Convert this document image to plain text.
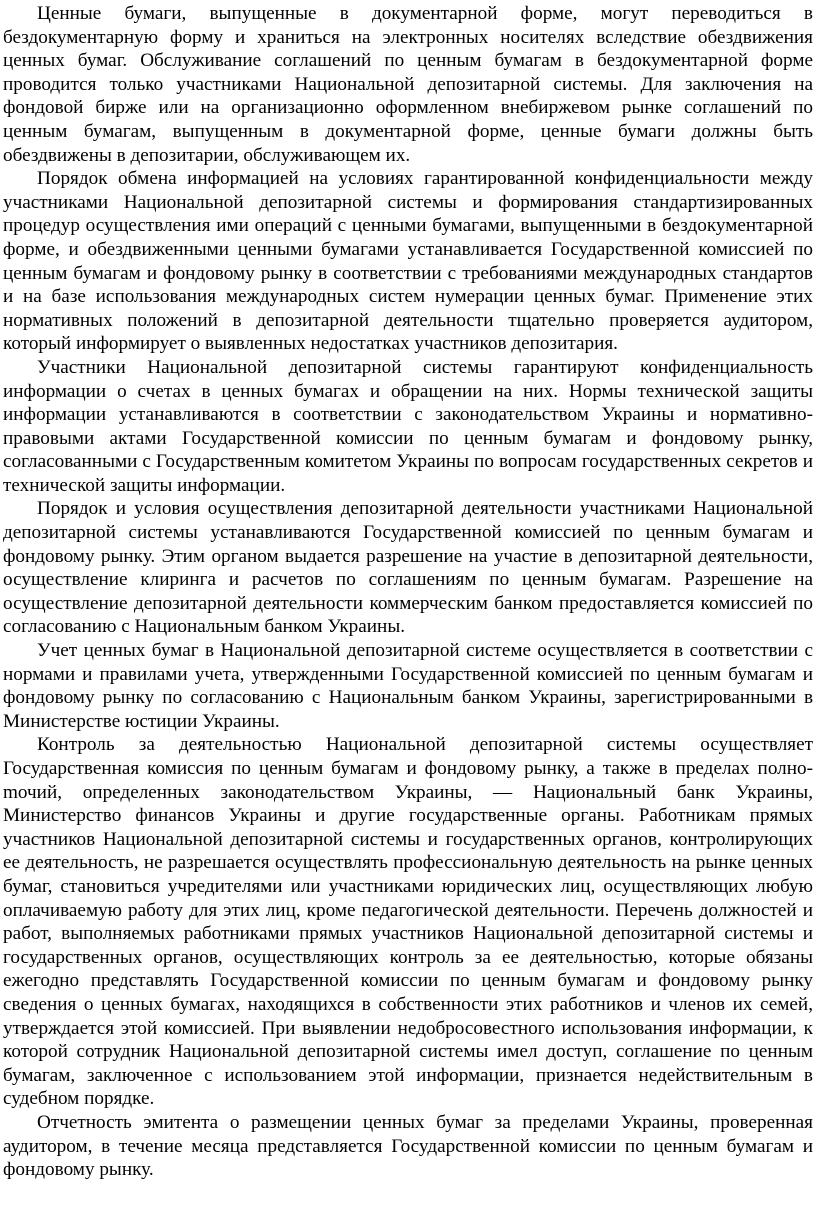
Ценные бумаги, выпущенные в документарной форме, могут переводиться в бездокументарную форму и храниться на электронных носителях вследствие обездвижения ценных бумаг. Обслуживание соглашений по ценным бумагам в бездокументарной форме проводится только участниками Национальной депозитарной системы. Для заключения на фондовой бирже или на организационно оформленном внебиржевом рынке соглашений по ценным бумагам, выпущенным в документарной форме, ценные бумаги должны быть обездвижены в депозитарии, обслуживающем их.

Порядок обмена информацией на условиях гарантированной конфиденциальности между участниками Национальной депозитарной системы и формирования стандартизированных процедур осуществления ими операций с ценными бумагами, выпущенными в бездокументарной форме, и обездвиженными ценными бумагами устанавливается Государственной комиссией по ценным бумагам и фондовому рынку в соответствии с требованиями международных стандартов и на базе использования международных систем нумерации ценных бумаг. Применение этих нормативных положений в депозитарной деятельности тщательно проверяется аудитором, который информирует о выявленных недостатках участников депозитария.

Участники Национальной депозитарной системы гарантируют конфиденциальность информации о счетах в ценных бумагах и обращении на них. Нормы технической защиты информации устанавливаются в соответствии с законодательством Украины и нормативно-правовыми актами Государственной комиссии по ценным бумагам и фондовому рынку, согласованными с Государственным комитетом Украины по вопросам государственных секретов и технической защиты информации.

Порядок и условия осуществления депозитарной деятельности участниками Национальной депозитарной системы устанавливаются Государственной комиссией по ценным бумагам и фондовому рынку. Этим органом выдается разрешение на участие в депозитарной деятельности, осуществление клиринга и расчетов по соглашениям по ценным бумагам. Разрешение на осуществление депозитарной деятельности коммерческим банком предоставляется комиссией по согласованию с Национальным банком Украины.

Учет ценных бумаг в Национальной депозитарной системе осуществляется в соответствии с нормами и правилами учета, утвержденными Государственной комиссией по ценным бумагам и фондовому рынку по согласованию с Национальным банком Украины, зарегистрированными в Министерстве юстиции Украины.

Контроль за деятельностью Национальной депозитарной системы осуществляет Государственная комиссия по ценным бумагам и фондовому рынку, а также в пределах полноmочий, определенных законодательством Украины, — Национальный банк Украины, Министерство финансов Украины и другие государственные органы. Работникам прямых участников Национальной депозитарной системы и государственных органов, контролирующих ее деятельность, не разрешается осуществлять профессиональную деятельность на рынке ценных бумаг, становиться учредителями или участниками юридических лиц, осуществляющих любую оплачиваемую работу для этих лиц, кроме педагогической деятельности. Перечень должностей и работ, выполняемых работниками прямых участников Национальной депозитарной системы и государственных органов, осуществляющих контроль за ее деятельностью, которые обязаны ежегодно представлять Государственной комиссии по ценным бумагам и фондовому рынку сведения о ценных бумагах, находящихся в собственности этих работников и членов их семей, утверждается этой комиссией. При выявлении недобросовестного использования информации, к которой сотрудник Национальной депозитарной системы имел доступ, соглашение по ценным бумагам, заключенное с использованием этой информации, признается недействительным в судебном порядке.

Отчетность эмитента о размещении ценных бумаг за пределами Украины, проверенная аудитором, в течение месяца представляется Государственной комиссии по ценным бумагам и фондовому рынку.
